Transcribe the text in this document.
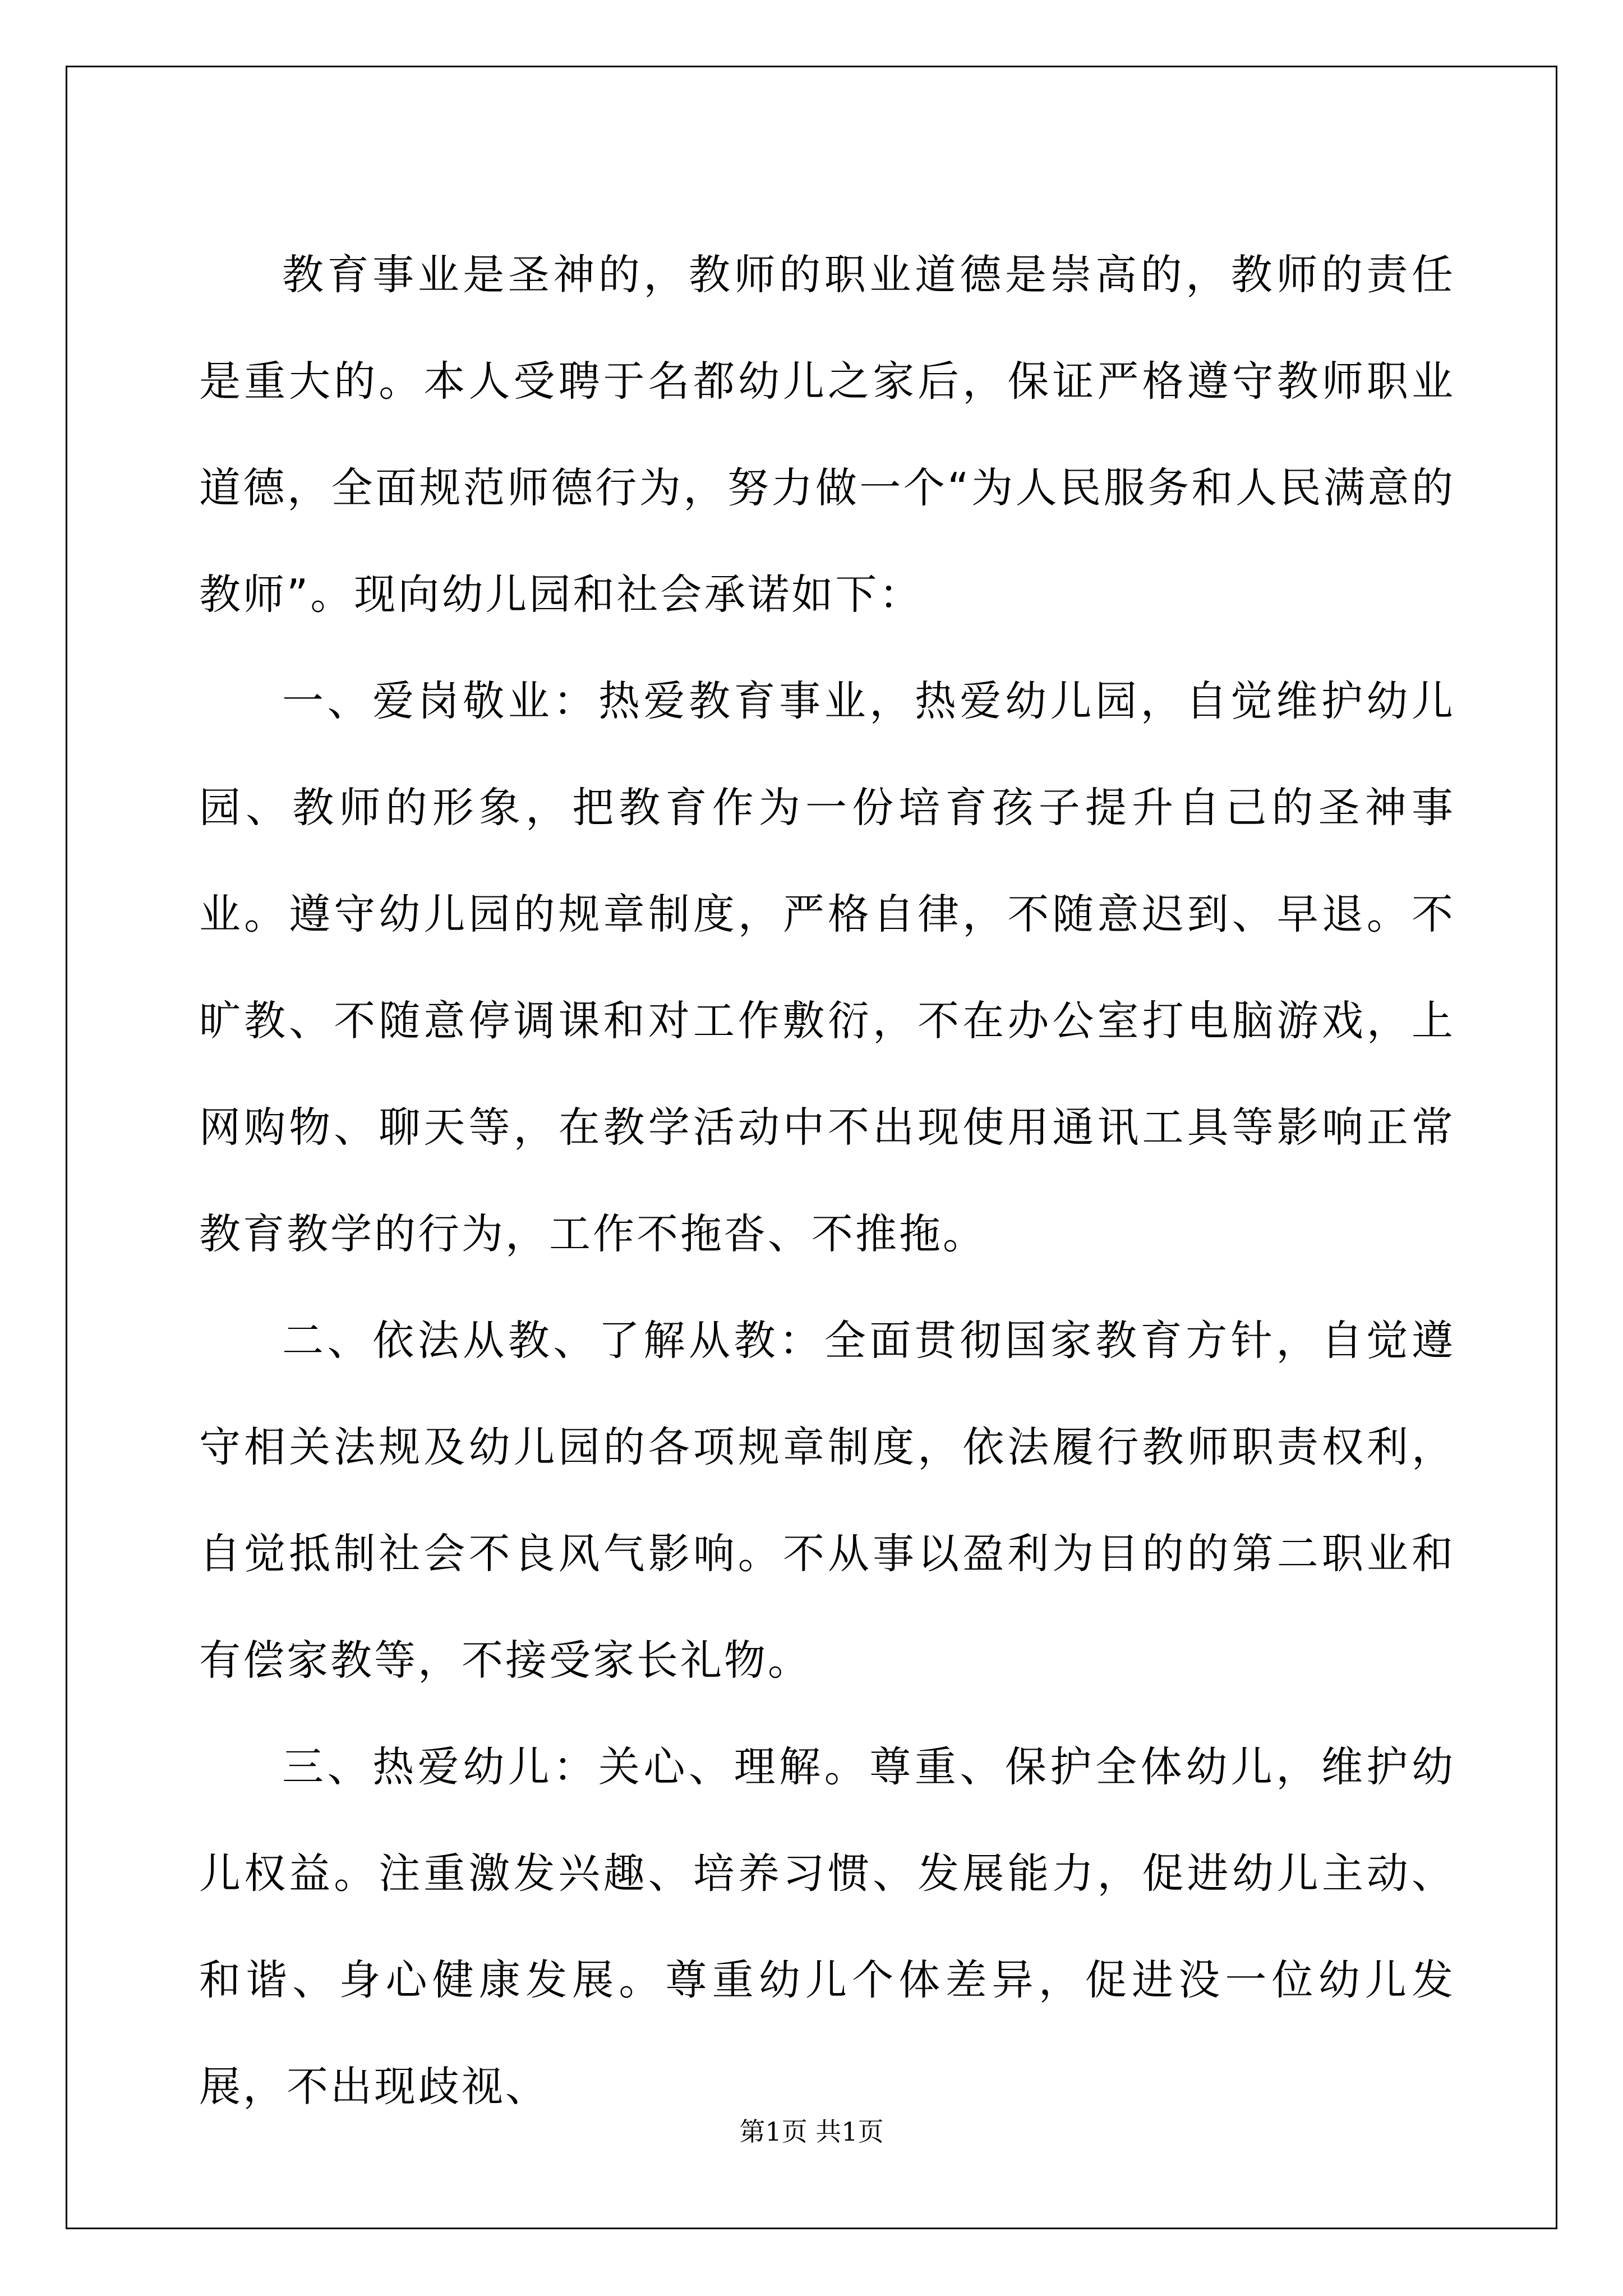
教育事业是圣神的，教师的职业道德是崇高的，教师的责任是重大的。本人受聘于名都幼儿之家后，保证严格遵守教师职业道德，全面规范师德行为，努力做一个“为人民服务和人民满意的教师”。现向幼儿园和社会承诺如下：

一、爱岗敬业：热爱教育事业，热爱幼儿园，自觉维护幼儿园、教师的形象，把教育作为一份培育孩子提升自己的圣神事业。遵守幼儿园的规章制度，严格自律，不随意迟到、早退。不旷教、不随意停调课和对工作敷衍，不在办公室打电脑游戏，上网购物、聊天等，在教学活动中不出现使用通讯工具等影响正常教育教学的行为，工作不拖沓、不推拖。

二、依法从教、了解从教：全面贯彻国家教育方针，自觉遵守相关法规及幼儿园的各项规章制度，依法履行教师职责权利，自觉抵制社会不良风气影响。不从事以盈利为目的的第二职业和有偿家教等，不接受家长礼物。

三、热爱幼儿：关心、理解。尊重、保护全体幼儿，维护幼儿权益。注重激发兴趣、培养习惯、发展能力，促进幼儿主动、和谐、身心健康发展。尊重幼儿个体差异，促进没一位幼儿发展，不出现歧视、

第1页 共1页
